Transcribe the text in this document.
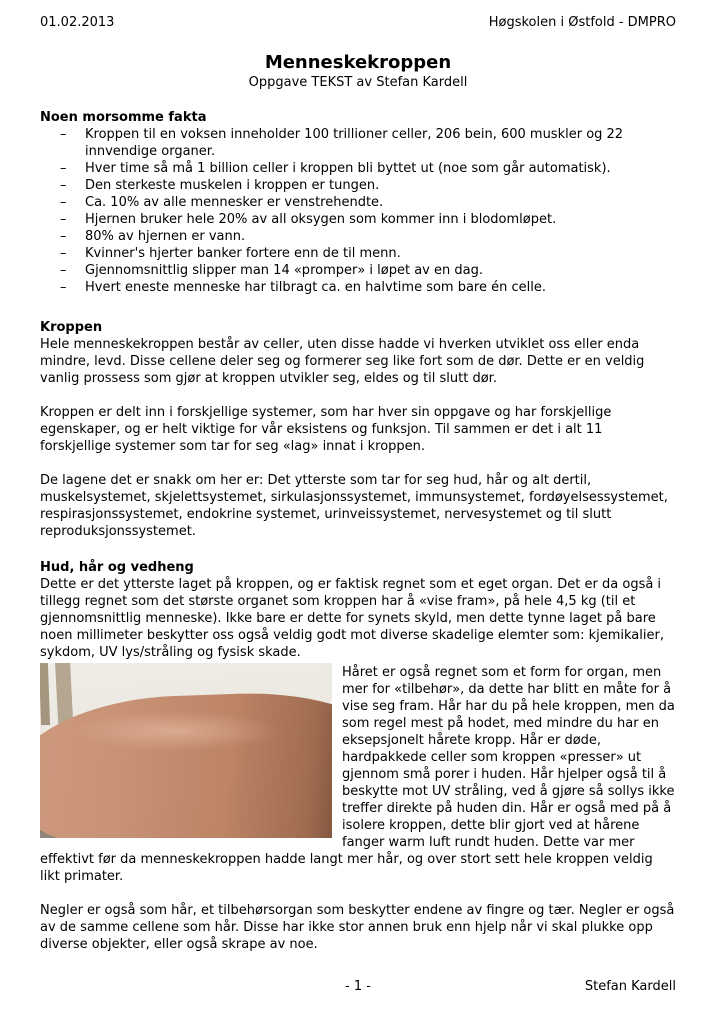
01.02.2013	Høgskolen i Østfold - DMPRO
Menneskekroppen
Oppgave TEKST av Stefan Kardell
Noen morsomme fakta
– Kroppen til en voksen inneholder 100 trillioner celler, 206 bein, 600 muskler og 22 innvendige organer.
– Hver time så må 1 billion celler i kroppen bli byttet ut (noe som går automatisk).
– Den sterkeste muskelen i kroppen er tungen.
– Ca. 10% av alle mennesker er venstrehendte.
– Hjernen bruker hele 20% av all oksygen som kommer inn i blodomløpet.
– 80% av hjernen er vann.
– Kvinner's hjerter banker fortere enn de til menn.
– Gjennomsnittlig slipper man 14 «promper» i løpet av en dag.
– Hvert eneste menneske har tilbragt ca. en halvtime som bare én celle.
Kroppen

Hele menneskekroppen består av celler, uten disse hadde vi hverken utviklet oss eller enda mindre, levd. Disse cellene deler seg og formerer seg like fort som de dør. Dette er en veldig vanlig prossess som gjør at kroppen utvikler seg, eldes og til slutt dør.

Kroppen er delt inn i forskjellige systemer, som har hver sin oppgave og har forskjellige egenskaper, og er helt viktige for vår eksistens og funksjon. Til sammen er det i alt 11 forskjellige systemer som tar for seg «lag» innat i kroppen.

De lagene det er snakk om her er: Det ytterste som tar for seg hud, hår og alt dertil, muskelsystemet, skjelettsystemet, sirkulasjonssystemet, immunsystemet, fordøyelsessystemet, respirasjonssystemet, endokrine systemet, urinveissystemet, nervesystemet og til slutt reproduksjonssystemet.

Hud, hår og vedheng

Dette er det ytterste laget på kroppen, og er faktisk regnet som et eget organ. Det er da også i tillegg regnet som det største organet som kroppen har å «vise fram», på hele 4,5 kg (til et gjennomsnittlig menneske). Ikke bare er dette for synets skyld, men dette tynne laget på bare noen millimeter beskytter oss også veldig godt mot diverse skadelige elemter som: kjemikalier, sykdom, UV lys/stråling og fysisk skade.

Håret er også regnet som et form for organ, men mer for «tilbehør», da dette har blitt en måte for å vise seg fram. Hår har du på hele kroppen, men da som regel mest på hodet, med mindre du har en eksepsjonelt hårete kropp. Hår er døde, hardpakkede celler som kroppen «presser» ut gjennom små porer i huden. Hår hjelper også til å beskytte mot UV stråling, ved å gjøre så sollys ikke treffer direkte på huden din. Hår er også med på å isolere kroppen, dette blir gjort ved at hårene fanger warm luft rundt huden. Dette var mer effektivt før da menneskekroppen hadde langt mer hår, og over stort sett hele kroppen veldig likt primater.

Negler er også som hår, et tilbehørsorgan som beskytter endene av fingre og tær. Negler er også av de samme cellene som hår. Disse har ikke stor annen bruk enn hjelp når vi skal plukke opp diverse objekter, eller også skrape av noe.

- 1 -	Stefan Kardell
